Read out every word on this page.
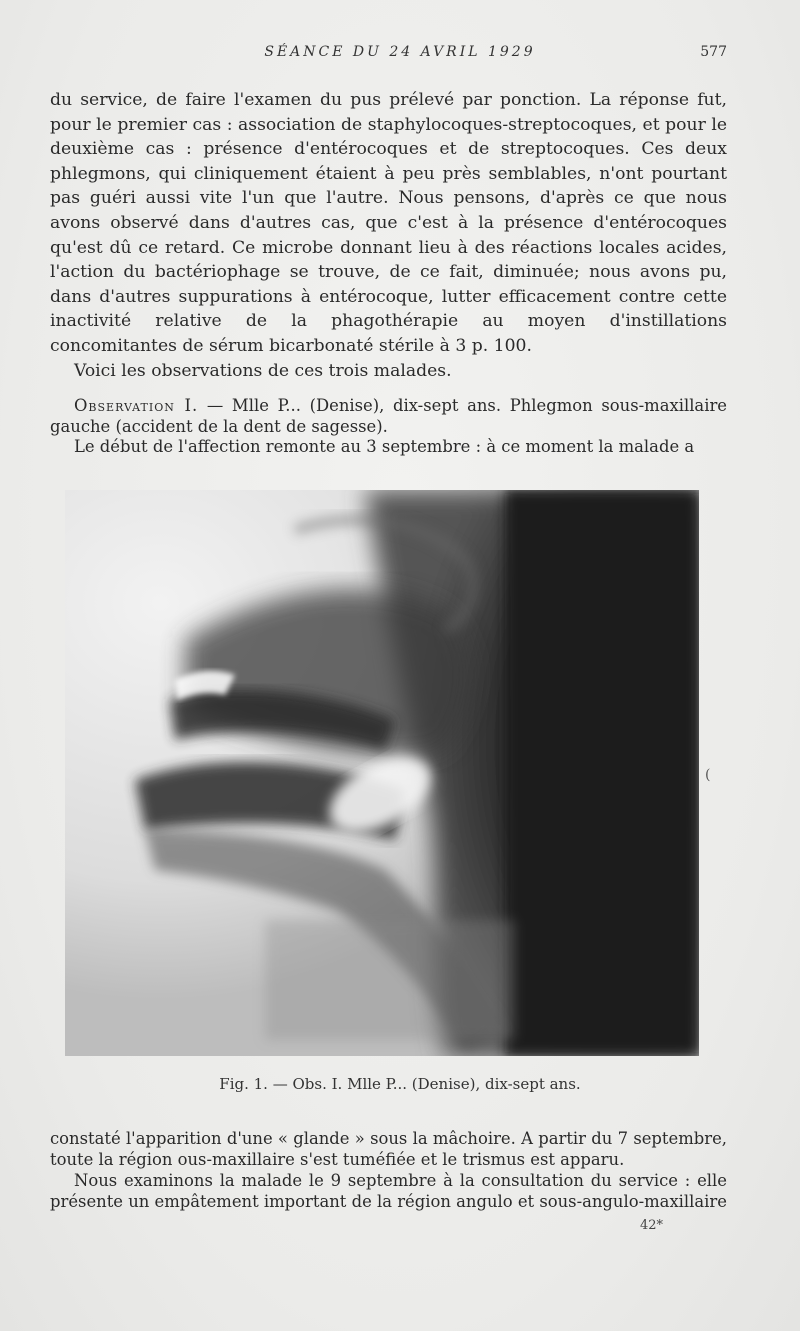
SÉANCE DU 24 AVRIL 1929	577

du service, de faire l'examen du pus prélevé par ponction. La réponse fut, pour le premier cas : association de staphylocoques-streptocoques, et pour le deuxième cas : présence d'entérocoques et de streptocoques. Ces deux phlegmons, qui cliniquement étaient à peu près semblables, n'ont pourtant pas guéri aussi vite l'un que l'autre. Nous pensons, d'après ce que nous avons observé dans d'autres cas, que c'est à la présence d'entérocoques qu'est dû ce retard. Ce microbe donnant lieu à des réactions locales acides, l'action du bactériophage se trouve, de ce fait, diminuée; nous avons pu, dans d'autres suppurations à entérocoque, lutter efficacement contre cette inactivité relative de la phagothérapie au moyen d'instillations concomitantes de sérum bicarbonaté stérile à 3 p. 100.

Voici les observations de ces trois malades.

Observation I. — Mlle P... (Denise), dix-sept ans. Phlegmon sous-maxillaire gauche (accident de la dent de sagesse).

Le début de l'affection remonte au 3 septembre : à ce moment la malade a

(
Fig. 1. — Obs. I. Mlle P... (Denise), dix-sept ans.

constaté l'apparition d'une « glande » sous la mâchoire. A partir du 7 septembre, toute la région ous-maxillaire s'est tuméfiée et le trismus est apparu.

Nous examinons la malade le 9 septembre à la consultation du service : elle présente un empâtement important de la région angulo et sous-angulo-maxillaire

42*
